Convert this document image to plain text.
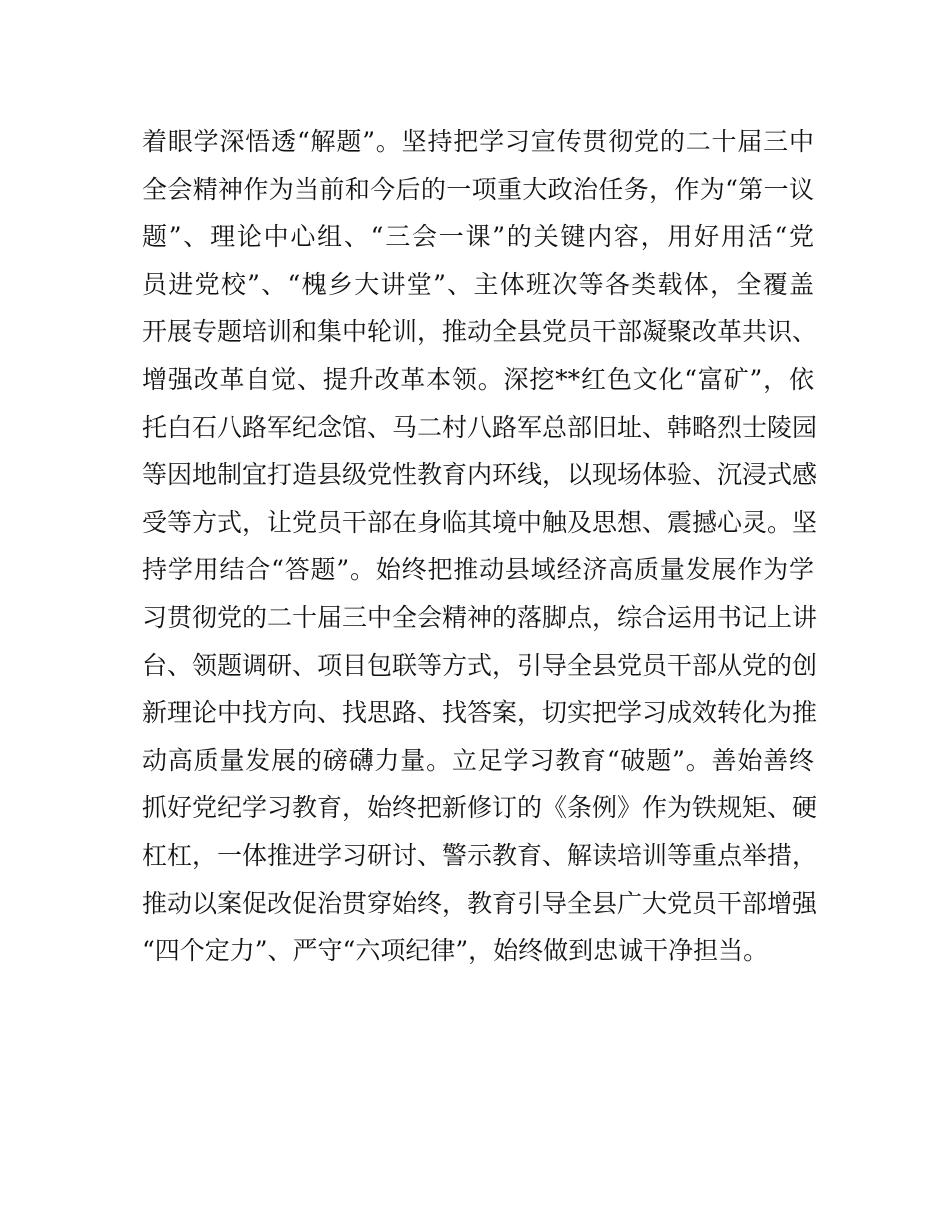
着眼学深悟透“解题”。坚持把学习宣传贯彻党的二十届三中
全会精神作为当前和今后的一项重大政治任务，作为“第一议
题”、理论中心组、“三会一课”的关键内容，用好用活“党
员进党校”、“槐乡大讲堂”、主体班次等各类载体，全覆盖
开展专题培训和集中轮训，推动全县党员干部凝聚改革共识、
增强改革自觉、提升改革本领。深挖**红色文化“富矿”，依
托白石八路军纪念馆、马二村八路军总部旧址、韩略烈士陵园
等因地制宜打造县级党性教育内环线，以现场体验、沉浸式感
受等方式，让党员干部在身临其境中触及思想、震撼心灵。坚
持学用结合“答题”。始终把推动县域经济高质量发展作为学
习贯彻党的二十届三中全会精神的落脚点，综合运用书记上讲
台、领题调研、项目包联等方式，引导全县党员干部从党的创
新理论中找方向、找思路、找答案，切实把学习成效转化为推
动高质量发展的磅礴力量。立足学习教育“破题”。善始善终
抓好党纪学习教育，始终把新修订的《条例》作为铁规矩、硬
杠杠，一体推进学习研讨、警示教育、解读培训等重点举措，
推动以案促改促治贯穿始终，教育引导全县广大党员干部增强
“四个定力”、严守“六项纪律”，始终做到忠诚干净担当。
